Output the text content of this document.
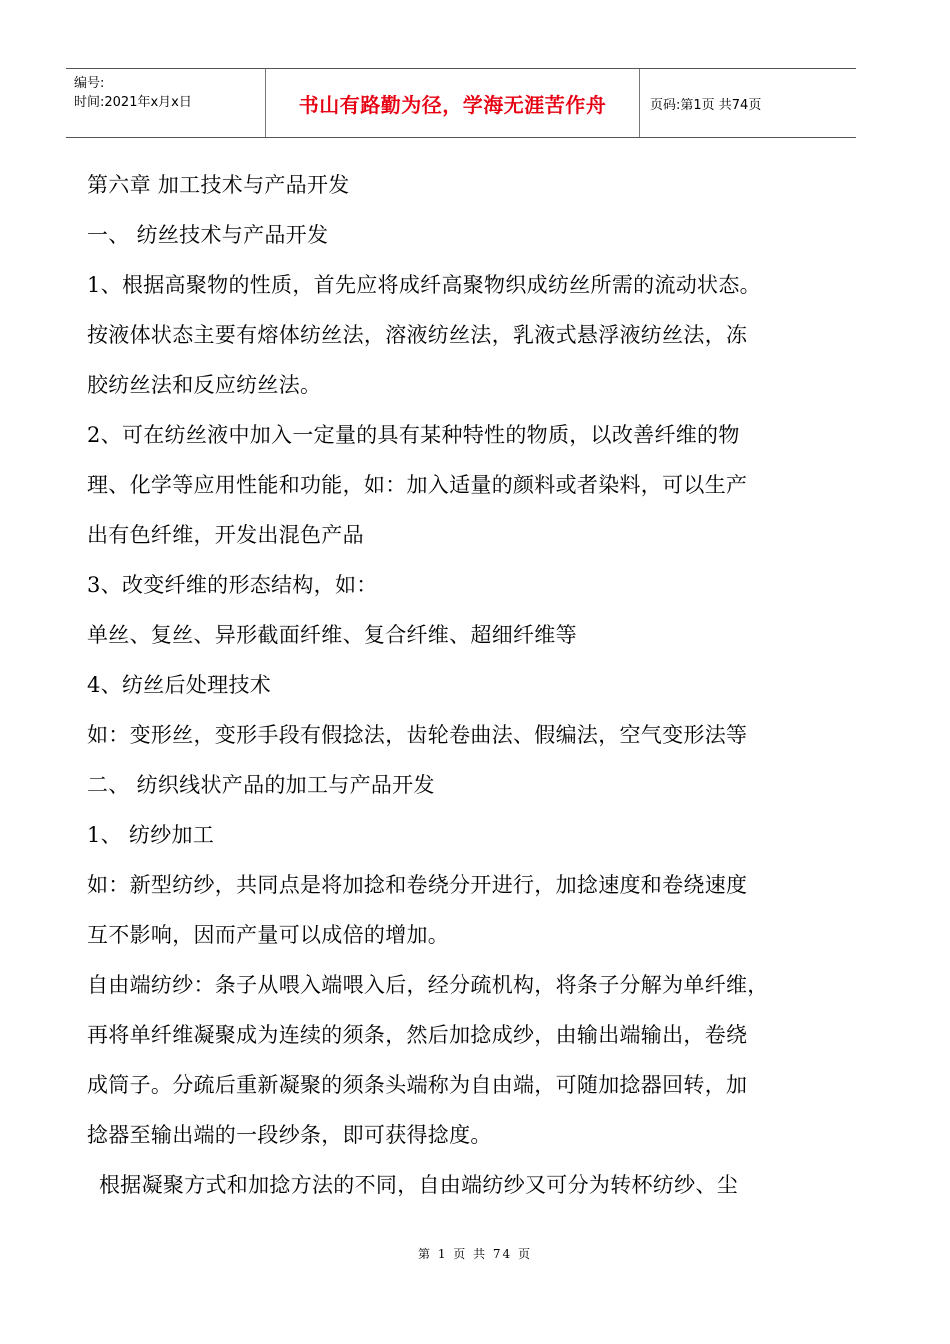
编号:
时间:2021年x月x日	书山有路勤为径，学海无涯苦作舟	页码:第1页 共74页
第六章 加工技术与产品开发
一、 纺丝技术与产品开发
1、根据高聚物的性质，首先应将成纤高聚物织成纺丝所需的流动状态。
按液体状态主要有熔体纺丝法，溶液纺丝法，乳液式悬浮液纺丝法，冻
胶纺丝法和反应纺丝法。
2、可在纺丝液中加入一定量的具有某种特性的物质，以改善纤维的物
理、化学等应用性能和功能，如：加入适量的颜料或者染料，可以生产
出有色纤维，开发出混色产品
3、改变纤维的形态结构，如：
单丝、复丝、异形截面纤维、复合纤维、超细纤维等
4、纺丝后处理技术
如：变形丝，变形手段有假捻法，齿轮卷曲法、假编法，空气变形法等
二、 纺织线状产品的加工与产品开发
1、 纺纱加工
如：新型纺纱，共同点是将加捻和卷绕分开进行，加捻速度和卷绕速度
互不影响，因而产量可以成倍的增加。
自由端纺纱：条子从喂入端喂入后，经分疏机构，将条子分解为单纤维，
再将单纤维凝聚成为连续的须条，然后加捻成纱，由输出端输出，卷绕
成筒子。分疏后重新凝聚的须条头端称为自由端，可随加捻器回转，加
捻器至输出端的一段纱条，即可获得捻度。
根据凝聚方式和加捻方法的不同，自由端纺纱又可分为转杯纺纱、尘
第 1 页 共 74 页
